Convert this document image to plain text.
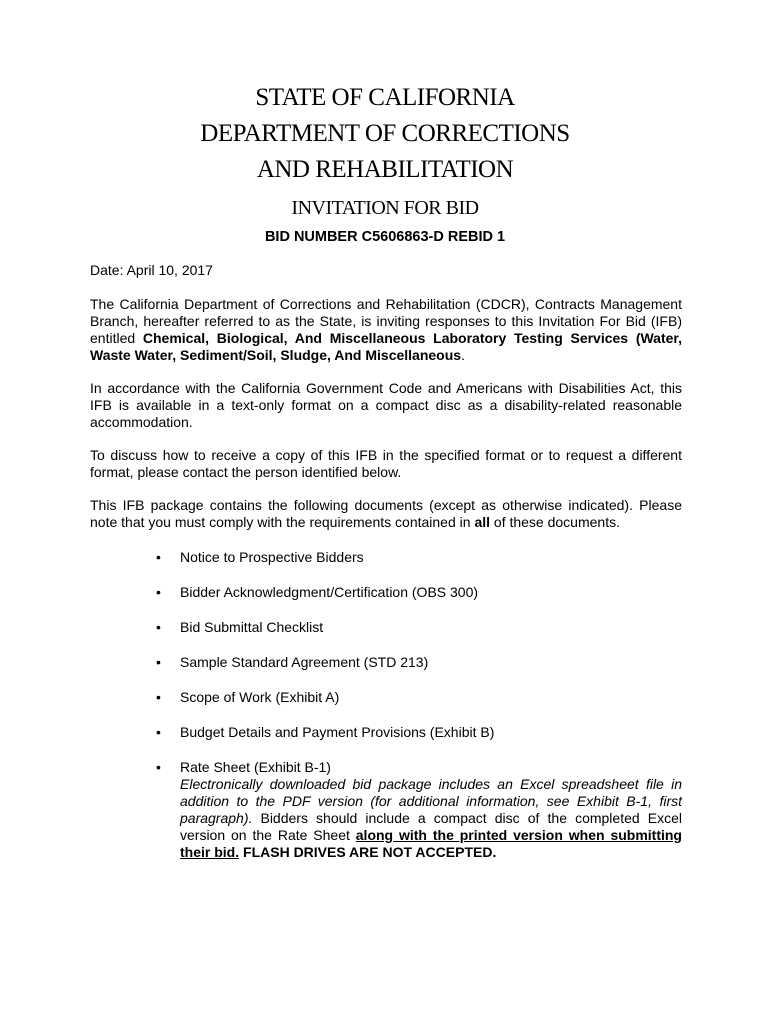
STATE OF CALIFORNIA
DEPARTMENT OF CORRECTIONS
AND REHABILITATION
INVITATION FOR BID
BID NUMBER C5606863-D REBID 1
Date: April 10, 2017
The California Department of Corrections and Rehabilitation (CDCR), Contracts Management Branch, hereafter referred to as the State, is inviting responses to this Invitation For Bid (IFB) entitled Chemical, Biological, And Miscellaneous Laboratory Testing Services (Water, Waste Water, Sediment/Soil, Sludge, And Miscellaneous.
In accordance with the California Government Code and Americans with Disabilities Act, this IFB is available in a text-only format on a compact disc as a disability-related reasonable accommodation.
To discuss how to receive a copy of this IFB in the specified format or to request a different format, please contact the person identified below.
This IFB package contains the following documents (except as otherwise indicated). Please note that you must comply with the requirements contained in all of these documents.
• Notice to Prospective Bidders
• Bidder Acknowledgment/Certification (OBS 300)
• Bid Submittal Checklist
• Sample Standard Agreement (STD 213)
• Scope of Work (Exhibit A)
• Budget Details and Payment Provisions (Exhibit B)
• Rate Sheet (Exhibit B-1)
Electronically downloaded bid package includes an Excel spreadsheet file in addition to the PDF version (for additional information, see Exhibit B-1, first paragraph). Bidders should include a compact disc of the completed Excel version on the Rate Sheet along with the printed version when submitting their bid. FLASH DRIVES ARE NOT ACCEPTED.
